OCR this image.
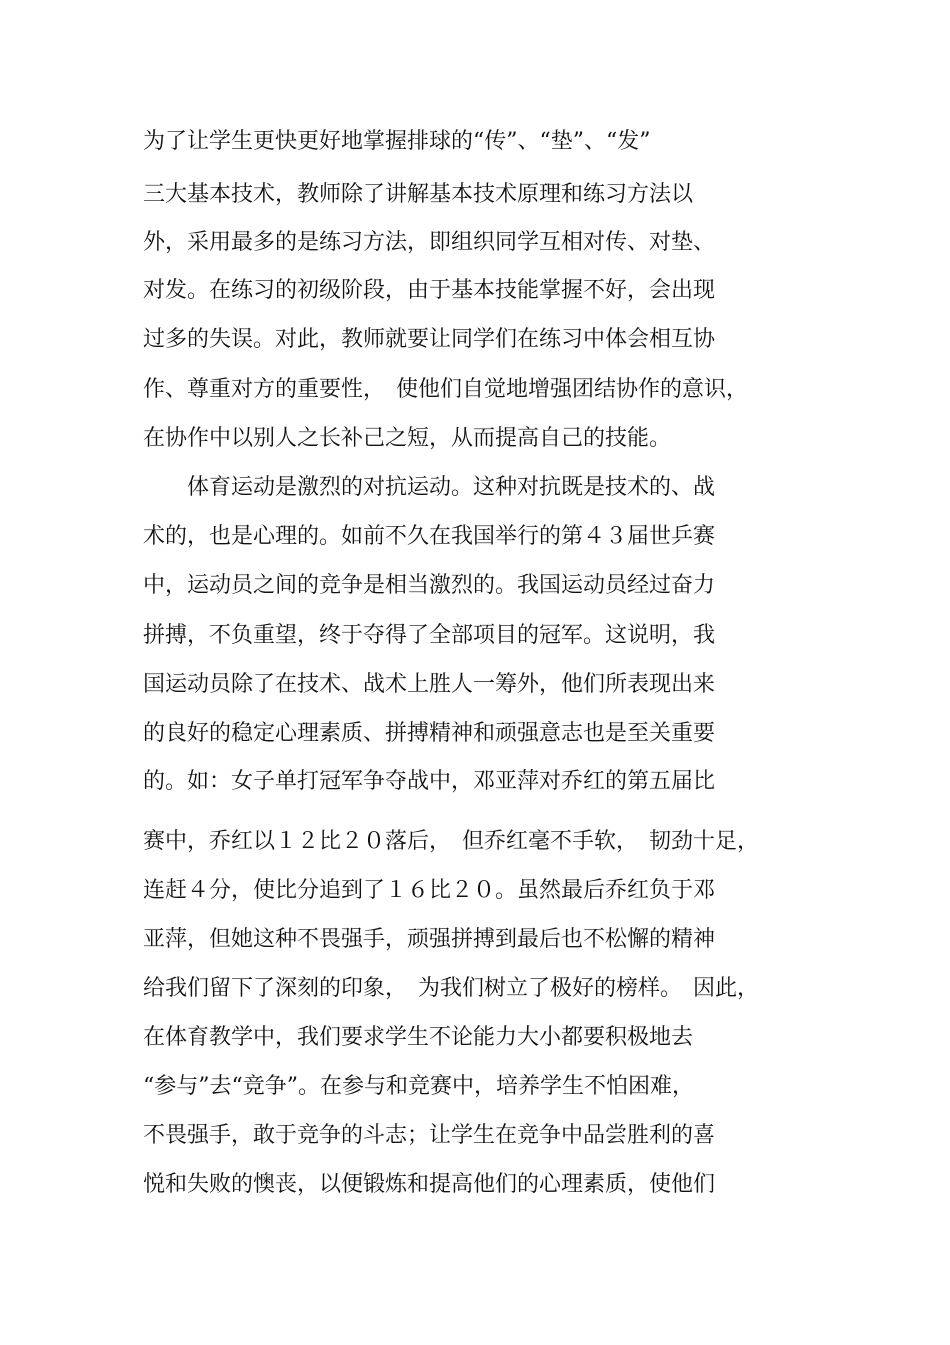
为了让学生更快更好地掌握排球的“传”、“垫”、“发”
三大基本技术，教师除了讲解基本技术原理和练习方法以
外，采用最多的是练习方法，即组织同学互相对传、对垫、
对发。在练习的初级阶段，由于基本技能掌握不好，会出现
过多的失误。对此，教师就要让同学们在练习中体会相互协
作、尊重对方的重要性，　使他们自觉地增强团结协作的意识，
在协作中以别人之长补己之短，从而提高自己的技能。
　　体育运动是激烈的对抗运动。这种对抗既是技术的、战
术的，也是心理的。如前不久在我国举行的第４３届世乒赛
中，运动员之间的竞争是相当激烈的。我国运动员经过奋力
拼搏，不负重望，终于夺得了全部项目的冠军。这说明，我
国运动员除了在技术、战术上胜人一筹外，他们所表现出来
的良好的稳定心理素质、拼搏精神和顽强意志也是至关重要
的。如：女子单打冠军争夺战中，邓亚萍对乔红的第五届比
赛中，乔红以１２比２０落后，　但乔红毫不手软，　韧劲十足，
连赶４分，使比分追到了１６比２０。虽然最后乔红负于邓
亚萍，但她这种不畏强手，顽强拼搏到最后也不松懈的精神
给我们留下了深刻的印象，　为我们树立了极好的榜样。　因此，
在体育教学中，我们要求学生不论能力大小都要积极地去
“参与”去“竞争”。在参与和竞赛中，培养学生不怕困难，
不畏强手，敢于竞争的斗志；让学生在竞争中品尝胜利的喜
悦和失败的懊丧，以便锻炼和提高他们的心理素质，使他们
